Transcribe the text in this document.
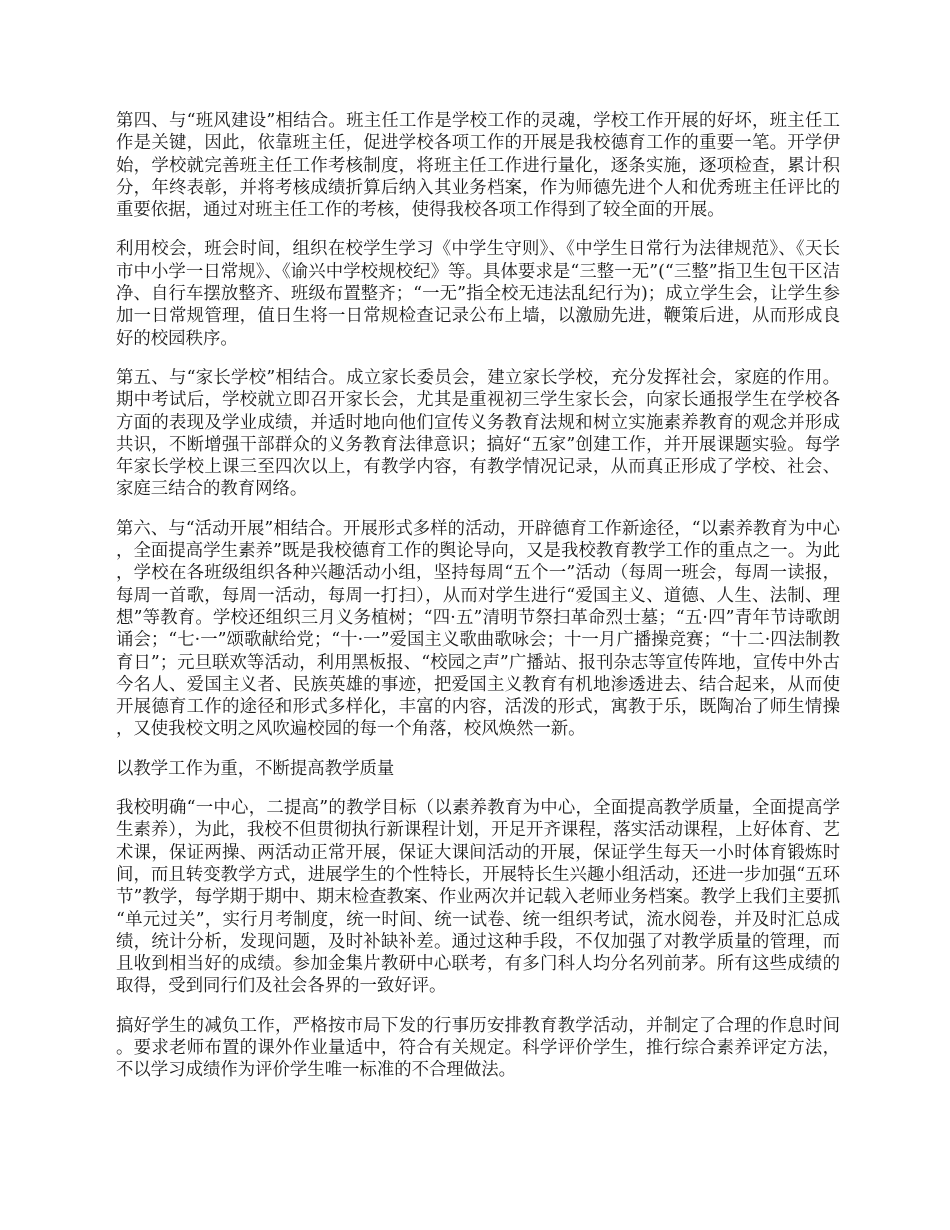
第四、与“班风建设”相结合。班主任工作是学校工作的灵魂，学校工作开展的好坏，班主任工作是关键，因此，依靠班主任，促进学校各项工作的开展是我校德育工作的重要一笔。开学伊始，学校就完善班主任工作考核制度，将班主任工作进行量化，逐条实施，逐项检查，累计积分，年终表彰，并将考核成绩折算后纳入其业务档案，作为师德先进个人和优秀班主任评比的重要依据，通过对班主任工作的考核，使得我校各项工作得到了较全面的开展。

利用校会，班会时间，组织在校学生学习《中学生守则》、《中学生日常行为法律规范》、《天长市中小学一日常规》、《谕兴中学校规校纪》等。具体要求是“三整一无”(“三整”指卫生包干区洁净、自行车摆放整齐、班级布置整齐；“一无”指全校无违法乱纪行为)；成立学生会，让学生参加一日常规管理，值日生将一日常规检查记录公布上墙，以激励先进，鞭策后进，从而形成良好的校园秩序。

第五、与“家长学校”相结合。成立家长委员会，建立家长学校，充分发挥社会，家庭的作用。期中考试后，学校就立即召开家长会，尤其是重视初三学生家长会，向家长通报学生在学校各方面的表现及学业成绩，并适时地向他们宣传义务教育法规和树立实施素养教育的观念并形成共识，不断增强干部群众的义务教育法律意识；搞好“五家”创建工作，并开展课题实验。每学年家长学校上课三至四次以上，有教学内容，有教学情况记录，从而真正形成了学校、社会、家庭三结合的教育网络。

第六、与“活动开展”相结合。开展形式多样的活动，开辟德育工作新途径，“以素养教育为中心，全面提高学生素养”既是我校德育工作的舆论导向，又是我校教育教学工作的重点之一。为此，学校在各班级组织各种兴趣活动小组，坚持每周“五个一”活动（每周一班会，每周一读报，每周一首歌，每周一活动，每周一打扫），从而对学生进行“爱国主义、道德、人生、法制、理想”等教育。学校还组织三月义务植树；“四·五”清明节祭扫革命烈士墓；“五·四”青年节诗歌朗诵会；“七·一”颂歌献给党；“十·一”爱国主义歌曲歌咏会；十一月广播操竞赛；“十二·四法制教育日”；元旦联欢等活动，利用黑板报、“校园之声”广播站、报刊杂志等宣传阵地，宣传中外古今名人、爱国主义者、民族英雄的事迹，把爱国主义教育有机地渗透进去、结合起来，从而使开展德育工作的途径和形式多样化，丰富的内容，活泼的形式，寓教于乐，既陶冶了师生情操，又使我校文明之风吹遍校园的每一个角落，校风焕然一新。

以教学工作为重，不断提高教学质量

我校明确“一中心，二提高”的教学目标（以素养教育为中心，全面提高教学质量，全面提高学生素养），为此，我校不但贯彻执行新课程计划，开足开齐课程，落实活动课程，上好体育、艺术课，保证两操、两活动正常开展，保证大课间活动的开展，保证学生每天一小时体育锻炼时间，而且转变教学方式，进展学生的个性特长，开展特长生兴趣小组活动，还进一步加强“五环节”教学，每学期于期中、期末检查教案、作业两次并记载入老师业务档案。教学上我们主要抓“单元过关”，实行月考制度，统一时间、统一试卷、统一组织考试，流水阅卷，并及时汇总成绩，统计分析，发现问题，及时补缺补差。通过这种手段，不仅加强了对教学质量的管理，而且收到相当好的成绩。参加金集片教研中心联考，有多门科人均分名列前茅。所有这些成绩的取得，受到同行们及社会各界的一致好评。

搞好学生的减负工作，严格按市局下发的行事历安排教育教学活动，并制定了合理的作息时间。要求老师布置的课外作业量适中，符合有关规定。科学评价学生，推行综合素养评定方法，不以学习成绩作为评价学生唯一标准的不合理做法。
